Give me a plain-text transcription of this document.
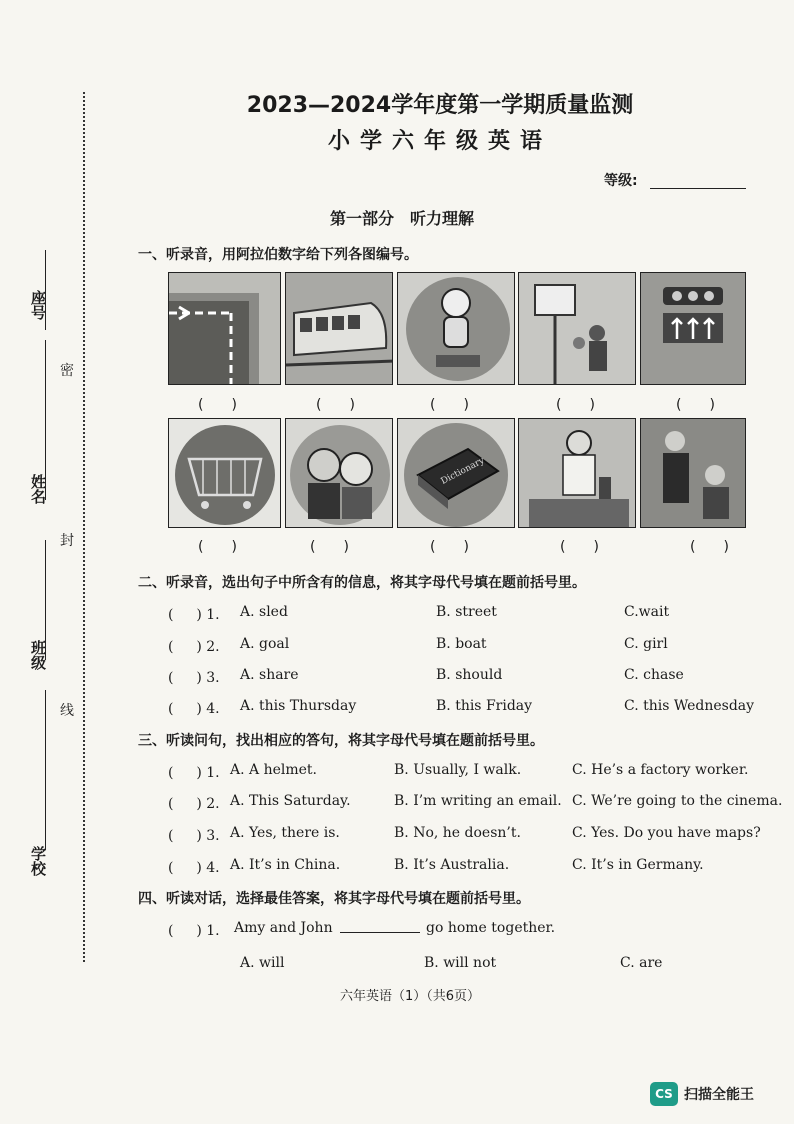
座号
姓名
班级
学校
密
封
线
2023—2024学年度第一学期质量监测
小学六年级英语
等级:
第一部分　听力理解
一、听录音，用阿拉伯数字给下列各图编号。
(　　)	(　　)	(　　)	(　　)	(　　)
Dictionary
(　　)	(　　)	(　　)	(　　)	(　　)
二、听录音，选出句子中所含有的信息，将其字母代号填在题前括号里。
( 　 ) 1. A. sled	B. street	C.wait
( 　 ) 2. A. goal	B. boat	C. girl
( 　 ) 3. A. share	B. should	C. chase
( 　 ) 4. A. this Thursday	B. this Friday	C. this Wednesday
三、听读问句，找出相应的答句，将其字母代号填在题前括号里。
( 　 ) 1. A. A helmet.	B. Usually, I walk.	C. He’s a factory worker.
( 　 ) 2. A. This Saturday.	B. I’m writing an email. C. We’re going to the cinema.
( 　 ) 3. A. Yes, there is.	B. No, he doesn’t.	C. Yes. Do you have maps?
( 　 ) 4. A. It’s in China.	B. It’s Australia.	C. It’s in Germany.
四、听读对话，选择最佳答案，将其字母代号填在题前括号里。
( 　 ) 1. Amy and John	go home together.
A. will	B. will not	C. are
六年英语（1）（共6页）
CS 扫描全能王
